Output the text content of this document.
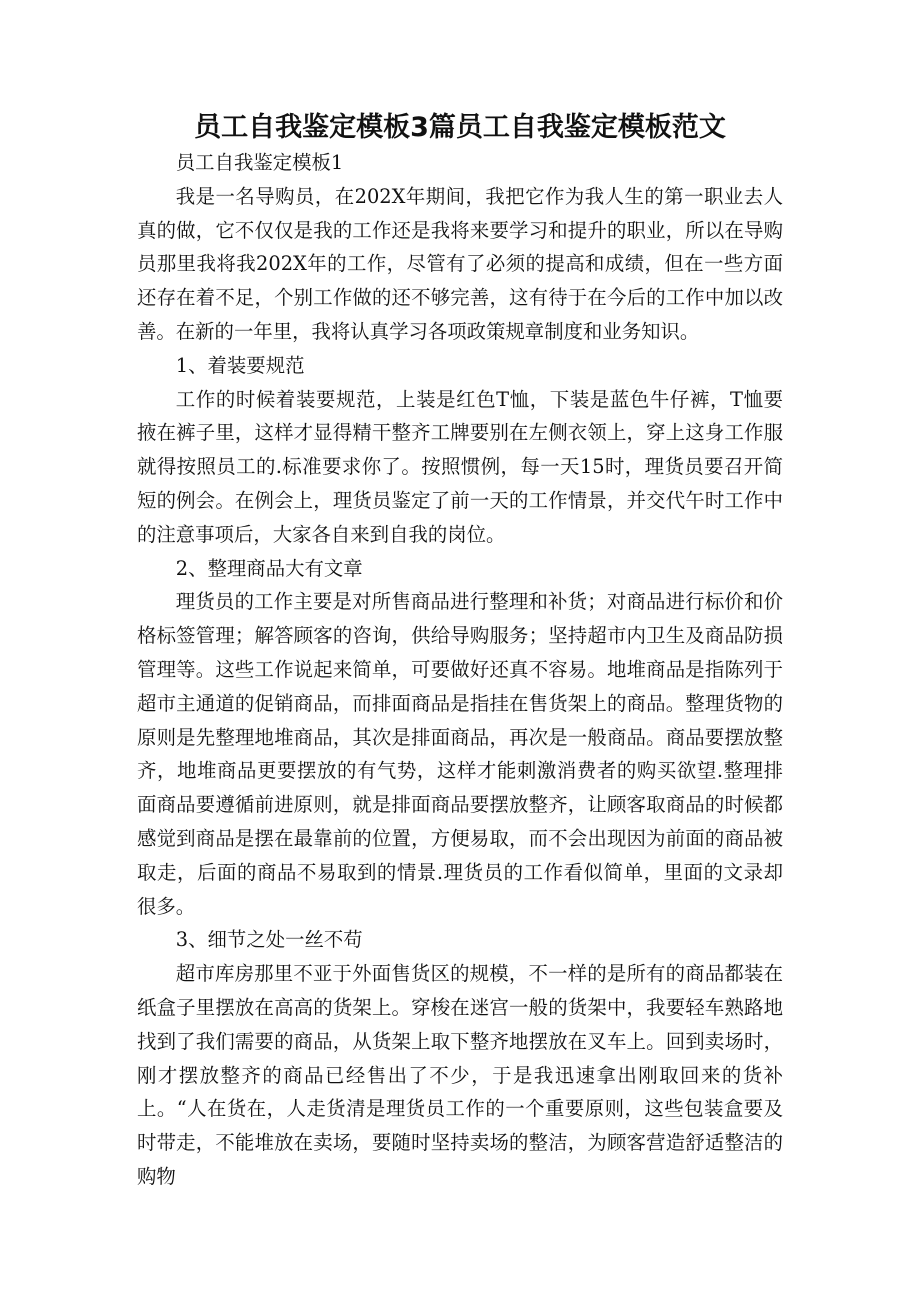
员工自我鉴定模板3篇员工自我鉴定模板范文

员工自我鉴定模板1

我是一名导购员，在202X年期间，我把它作为我人生的第一职业去人真的做，它不仅仅是我的工作还是我将来要学习和提升的职业，所以在导购员那里我将我202X年的工作，尽管有了必须的提高和成绩，但在一些方面还存在着不足，个别工作做的还不够完善，这有待于在今后的工作中加以改善。在新的一年里，我将认真学习各项政策规章制度和业务知识。

1、着装要规范

工作的时候着装要规范，上装是红色T恤，下装是蓝色牛仔裤，T恤要掖在裤子里，这样才显得精干整齐工牌要别在左侧衣领上，穿上这身工作服就得按照员工的.标准要求你了。按照惯例，每一天15时，理货员要召开简短的例会。在例会上，理货员鉴定了前一天的工作情景，并交代午时工作中的注意事项后，大家各自来到自我的岗位。

2、整理商品大有文章

理货员的工作主要是对所售商品进行整理和补货；对商品进行标价和价格标签管理；解答顾客的咨询，供给导购服务；坚持超市内卫生及商品防损管理等。这些工作说起来简单，可要做好还真不容易。地堆商品是指陈列于超市主通道的促销商品，而排面商品是指挂在售货架上的商品。整理货物的原则是先整理地堆商品，其次是排面商品，再次是一般商品。商品要摆放整齐，地堆商品更要摆放的有气势，这样才能刺激消费者的购买欲望.整理排面商品要遵循前进原则，就是排面商品要摆放整齐，让顾客取商品的时候都感觉到商品是摆在最靠前的位置，方便易取，而不会出现因为前面的商品被取走，后面的商品不易取到的情景.理货员的工作看似简单，里面的文录却很多。

3、细节之处一丝不苟

超市库房那里不亚于外面售货区的规模，不一样的是所有的商品都装在纸盒子里摆放在高高的货架上。穿梭在迷宫一般的货架中，我要轻车熟路地找到了我们需要的商品，从货架上取下整齐地摆放在叉车上。回到卖场时，刚才摆放整齐的商品已经售出了不少，于是我迅速拿出刚取回来的货补上。“人在货在，人走货清是理货员工作的一个重要原则，这些包装盒要及时带走，不能堆放在卖场，要随时坚持卖场的整洁，为顾客营造舒适整洁的购物
